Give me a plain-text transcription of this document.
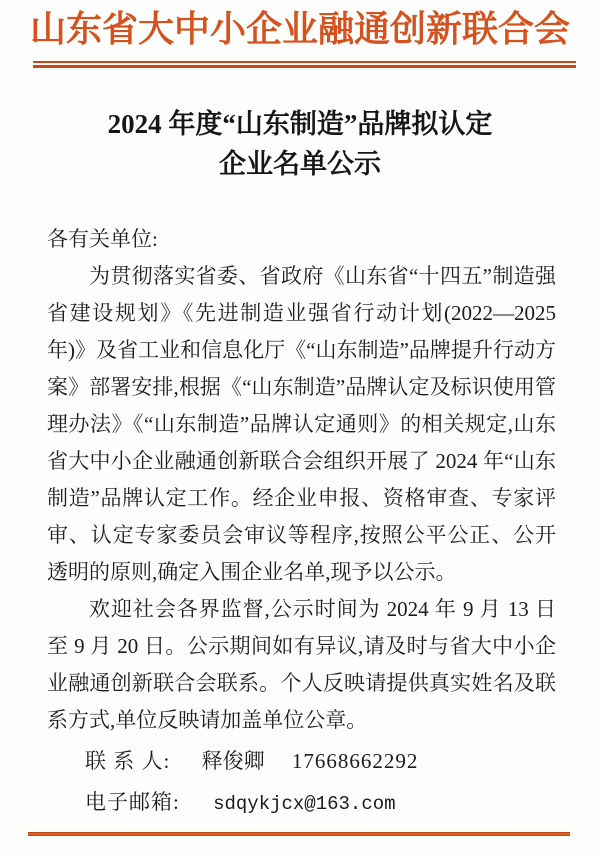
山东省大中小企业融通创新联合会
2024 年度“山东制造”品牌拟认定
企业名单公示

各有关单位:

为贯彻落实省委、省政府《山东省“十四五”制造强省建设规划》《先进制造业强省行动计划(2022—2025 年)》及省工业和信息化厅《“山东制造”品牌提升行动方案》部署安排,根据《“山东制造”品牌认定及标识使用管理办法》《“山东制造”品牌认定通则》的相关规定,山东省大中小企业融通创新联合会组织开展了 2024 年“山东制造”品牌认定工作。经企业申报、资格审查、专家评审、认定专家委员会审议等程序,按照公平公正、公开透明的原则,确定入围企业名单,现予以公示。

欢迎社会各界监督,公示时间为 2024 年 9 月 13 日至 9 月 20 日。公示期间如有异议,请及时与省大中小企业融通创新联合会联系。个人反映请提供真实姓名及联系方式,单位反映请加盖单位公章。

联 系 人: 释俊卿 17668662292
电子邮箱: sdqykjcx@163.com
